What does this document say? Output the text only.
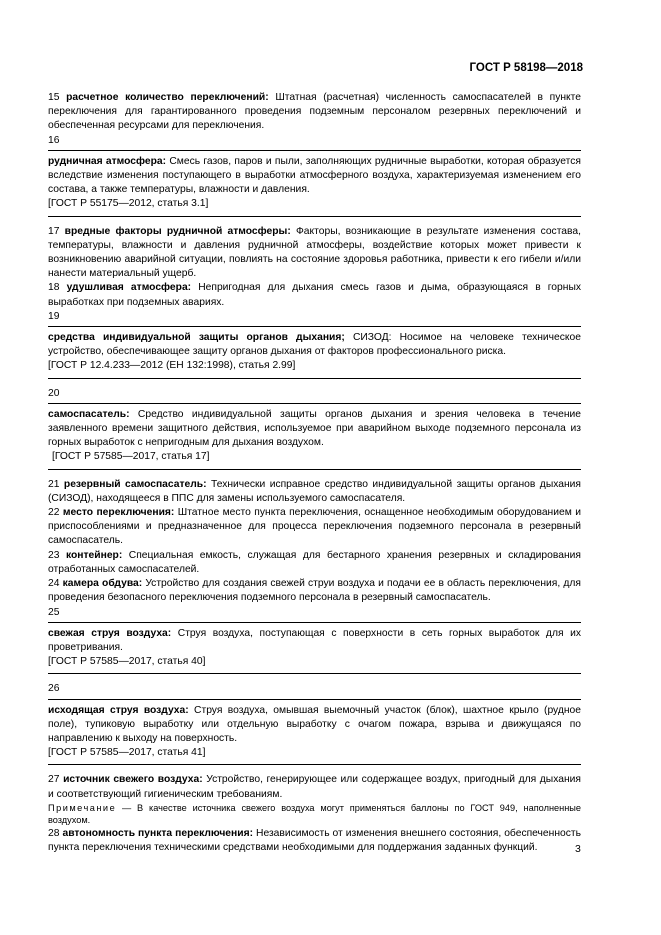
ГОСТ Р 58198—2018

15 расчетное количество переключений: Штатная (расчетная) численность самоспасателей в пункте переключения для гарантированного проведения подземным персоналом резервных переключений и обеспеченная ресурсами для переключения.

16

рудничная атмосфера: Смесь газов, паров и пыли, заполняющих рудничные выработки, которая образуется вследствие изменения поступающего в выработки атмосферного воздуха, характеризуемая изменением его состава, а также температуры, влажности и давления.

[ГОСТ Р 55175—2012, статья 3.1]

17 вредные факторы рудничной атмосферы: Факторы, возникающие в результате изменения состава, температуры, влажности и давления рудничной атмосферы, воздействие которых может привести к возникновению аварийной ситуации, повлиять на состояние здоровья работника, привести к его гибели и/или нанести материальный ущерб.

18 удушливая атмосфера: Непригодная для дыхания смесь газов и дыма, образующаяся в горных выработках при подземных авариях.

19

средства индивидуальной защиты органов дыхания; СИЗОД: Носимое на человеке техническое устройство, обеспечивающее защиту органов дыхания от факторов профессионального риска.

[ГОСТ Р 12.4.233—2012 (ЕН 132:1998), статья 2.99]

20

самоспасатель: Средство индивидуальной защиты органов дыхания и зрения человека в течение заявленного времени защитного действия, используемое при аварийном выходе подземного персонала из горных выработок с непригодным для дыхания воздухом.

[ГОСТ Р 57585—2017, статья 17]

21 резервный самоспасатель: Технически исправное средство индивидуальной защиты органов дыхания (СИЗОД), находящееся в ППС для замены используемого самоспасателя.

22 место переключения: Штатное место пункта переключения, оснащенное необходимым оборудованием и приспособлениями и предназначенное для процесса переключения подземного персонала в резервный самоспасатель.

23 контейнер: Специальная емкость, служащая для бестарного хранения резервных и складирования отработанных самоспасателей.

24 камера обдува: Устройство для создания свежей струи воздуха и подачи ее в область переключения, для проведения безопасного переключения подземного персонала в резервный самоспасатель.

25

свежая струя воздуха: Струя воздуха, поступающая с поверхности в сеть горных выработок для их проветривания.

[ГОСТ Р 57585—2017, статья 40]

26

исходящая струя воздуха: Струя воздуха, омывшая выемочный участок (блок), шахтное крыло (рудное поле), тупиковую выработку или отдельную выработку с очагом пожара, взрыва и движущаяся по направлению к выходу на поверхность.

[ГОСТ Р 57585—2017, статья 41]

27 источник свежего воздуха: Устройство, генерирующее или содержащее воздух, пригодный для дыхания и соответствующий гигиеническим требованиям.

Примечание — В качестве источника свежего воздуха могут применяться баллоны по ГОСТ 949, наполненные воздухом.

28 автономность пункта переключения: Независимость от изменения внешнего состояния, обеспеченность пункта переключения техническими средствами необходимыми для поддержания заданных функций.	3
